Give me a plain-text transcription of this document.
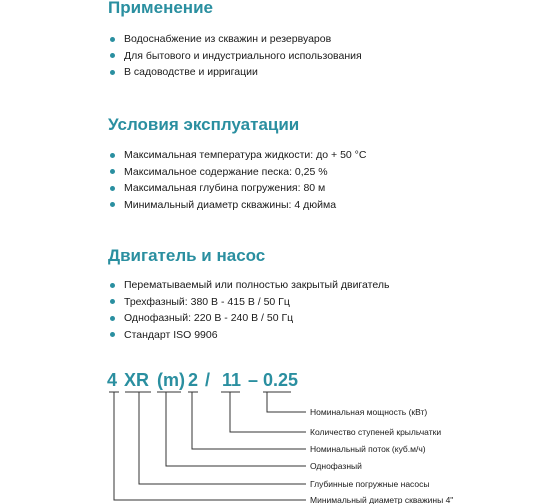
Применение
Водоснабжение из скважин и резервуаров
Для бытового и индустриального использования
В садоводстве и ирригации
Условия эксплуатации
Максимальная температура жидкости: до + 50 °C
Максимальное содержание песка: 0,25 %
Максимальная глубина погружения: 80 м
Минимальный диаметр скважины: 4 дюйма
Двигатель и насос
Перематываемый или полностью закрытый двигатель
Трехфазный: 380 В - 415 В / 50 Гц
Однофазный: 220 В - 240 В / 50 Гц
Стандарт ISO 9906
4 XR (m) 2 / 11 – 0.25
Номинальная мощность (кВт)
Количество ступеней крыльчатки
Номинальный поток (куб.м/ч)
Однофазный
Глубинные погружные насосы
Минимальный диаметр скважины 4"
